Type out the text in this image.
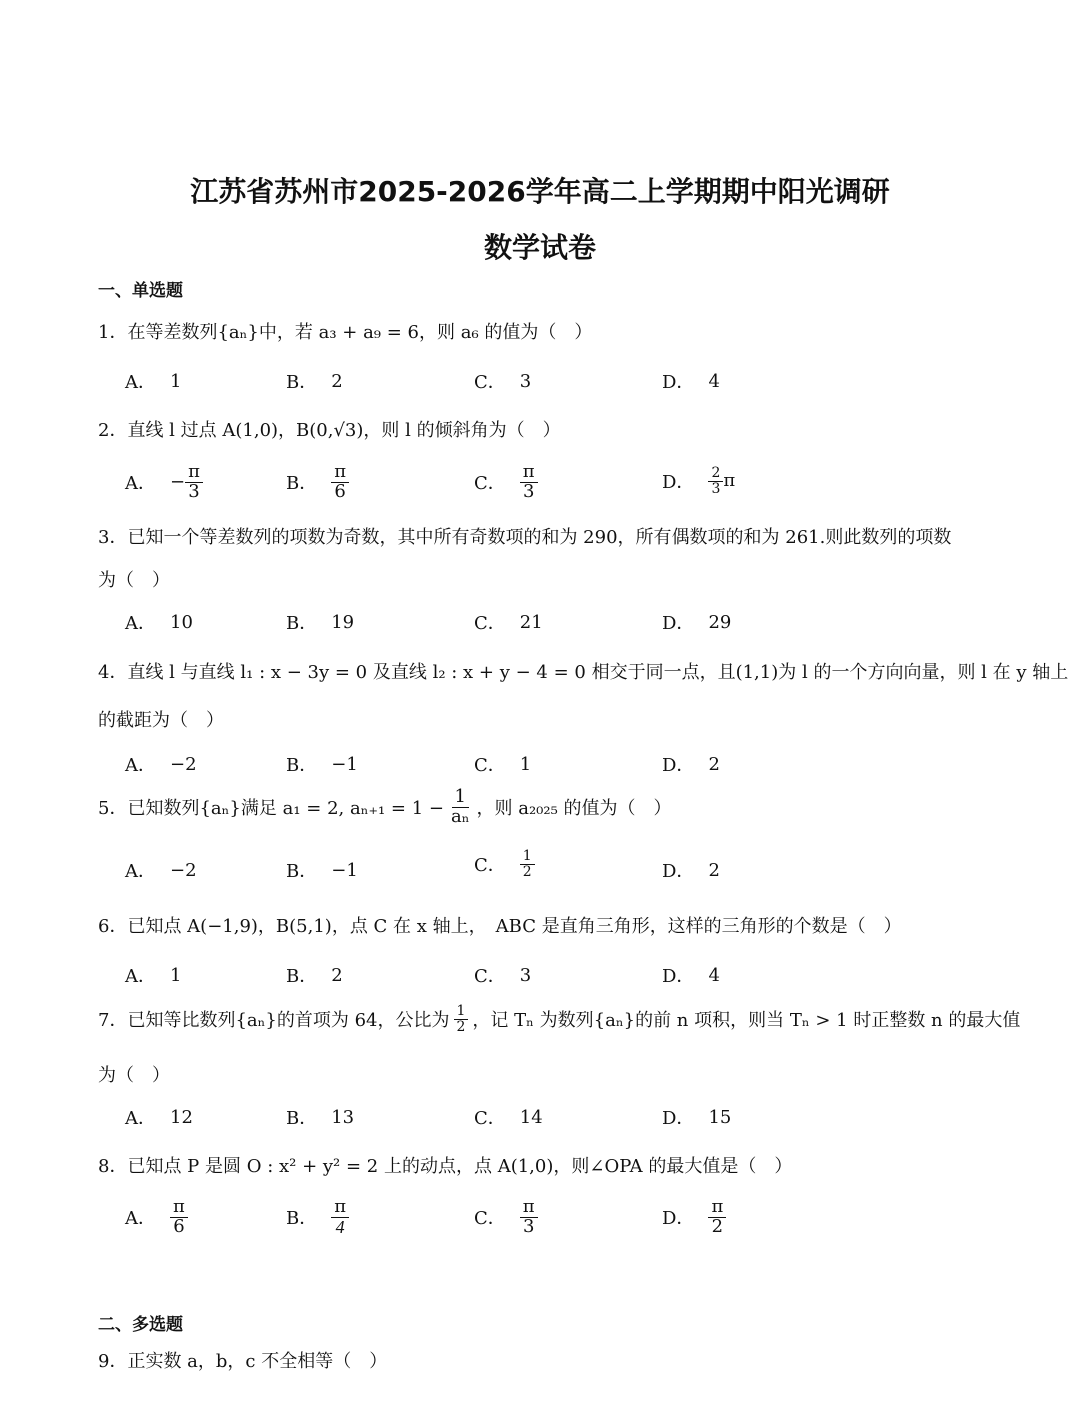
江苏省苏州市2025-2026学年高二上学期期中阳光调研
数学试卷
一、单选题
1．在等差数列{aₙ}中，若 a₃ + a₉ = 6，则 a₆ 的值为（　）
A． 1	B． 2	C． 3	D． 4
2．直线 l 过点 A(1,0)，B(0,√3)，则 l 的倾斜角为（　）
A． − $\frac{\pi}{3}$	B． $\frac{\pi}{6}$	C． $\frac{\pi}{3}$	D． $\frac{2}{3}$ π
3．已知一个等差数列的项数为奇数，其中所有奇数项的和为 290，所有偶数项的和为 261.则此数列的项数
为（　）
A． 10	B． 19	C． 21	D． 29
4．直线 l 与直线 l₁ : x − 3y = 0 及直线 l₂ : x + y − 4 = 0 相交于同一点，且(1,1)为 l 的一个方向向量，则 l 在 y 轴上
的截距为（　）
A． −2	B． −1	C． 1	D． 2
5．已知数列{aₙ}满足 a₁ = 2, $a_{n+1} = 1 - \frac{1}{\text{aₙ}}$ ，则 a₂₀₂₅ 的值为（　）
A． −2	B． −1	C． $\frac{1}{2}$	D． 2
6．已知点 A(−1,9)，B(5,1)，点 C 在 x 轴上，　ABC 是直角三角形，这样的三角形的个数是（　）
A． 1	B． 2	C． 3	D． 4
7．已知等比数列{aₙ}的首项为 64，公比为 $\frac{1}{2}$ ，记 Tₙ 为数列{aₙ}的前 n 项积，则当 Tₙ > 1 时正整数 n 的最大值
为（　）
A． 12	B． 13	C． 14	D． 15
8．已知点 P 是圆 O : x² + y² = 2 上的动点，点 A(1,0)，则∠OPA 的最大值是（　）
A． $\frac{\pi}{6}$	B． $\frac{\pi}{4}$	C． $\frac{\pi}{3}$	D． $\frac{\pi}{2}$
二、多选题
9．正实数 a，b，c 不全相等（　）
